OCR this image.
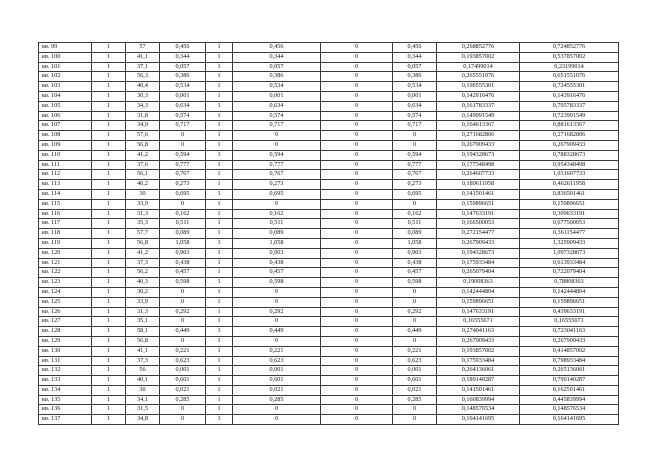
кв. 99	1	57	0,456	1	0,456	0	0,456	0,268852776	0,724852776
кв. 100	1	41,1	0,344	1	0,344	0	0,344	0,193857002	0,537857002
кв. 101	1	37,1	0,057	1	0,057	0	0,057	0,17499014	0,23199014
кв. 102	1	56,3	0,386	1	0,386	0	0,386	0,265551076	0,651551076
кв. 103	1	40,4	0,534	1	0,534	0	0,534	0,190555301	0,724555301
кв. 104	1	30,3	0,001	1	0,001	0	0,001	0,142916476	0,143916476
кв. 105	1	34,3	0,634	1	0,634	0	0,634	0,161783337	0,795783337
кв. 106	1	31,8	0,574	1	0,574	0	0,574	0,149991549	0,723991549
кв. 107	1	34,9	0,717	1	0,717	0	0,717	0,164613367	0,881613367
кв. 108	1	57,6	0	1	0	0	0	0,271682806	0,271682806
кв. 109	1	56,8	0	1	0	0	0	0,267909433	0,267909433
кв. 110	1	41,2	0,594	1	0,594	0	0,594	0,194328673	0,788328673
кв. 111	1	37,6	0,777	1	0,777	0	0,777	0,177348498	0,954348498
кв. 112	1	56,1	0,767	1	0,767	0	0,767	0,264607733	1,031607733
кв. 113	1	40,2	0,273	1	0,273	0	0,273	0,189611958	0,462611958
кв. 114	1	30	0,695	1	0,695	0	0,695	0,141501461	0,836501461
кв. 115	1	33,9	0	1	0	0	0	0,159896651	0,159896651
кв. 116	1	31,3	0,162	1	0,162	0	0,162	0,147633191	0,309633191
кв. 117	1	35,3	0,511	1	0,511	0	0,511	0,166500053	0,677500053
кв. 118	1	57,7	0,089	1	0,089	0	0,089	0,272154477	0,361154477
кв. 119	1	56,8	1,058	1	1,058	0	1,058	0,267909433	1,325909433
кв. 120	1	41,2	0,903	1	0,903	0	0,903	0,194328673	1,097328673
кв. 121	1	37,3	0,438	1	0,438	0	0,438	0,175933484	0,613933484
кв. 122	1	56,2	0,457	1	0,457	0	0,457	0,265079404	0,722079404
кв. 123	1	40,3	0,598	1	0,598	0	0,598	0,19008363	0,78808363
кв. 124	1	30,2	0	1	0	0	0	0,142444804	0,142444804
кв. 125	1	33,9	0	1	0	0	0	0,159896651	0,159896651
кв. 126	1	31,3	0,292	1	0,292	0	0,292	0,147633191	0,439633191
кв. 127	1	35,1	0	1	0	0	0	0,16555671	0,16555671
кв. 128	1	58,1	0,449	1	0,449	0	0,449	0,274041163	0,723041163
кв. 129	1	56,8	0	1	0	0	0	0,267909433	0,267909433
кв. 130	1	41,1	0,221	1	0,221	0	0,221	0,193857002	0,414857002
кв. 131	1	37,3	0,623	1	0,623	0	0,623	0,175933484	0,798933484
кв. 132	1	56	0,001	1	0,001	0	0,001	0,264136061	0,265136061
кв. 133	1	40,1	0,601	1	0,601	0	0,601	0,189140287	0,790140287
кв. 134	1	30	0,021	1	0,021	0	0,021	0,141501461	0,162501461
кв. 135	1	34,1	0,285	1	0,285	0	0,285	0,160839994	0,445839994
кв. 136	1	31,5	0	1	0	0	0	0,148576534	0,148576534
кв. 137	1	34,8	0	1	0	0	0	0,164141695	0,164141695
